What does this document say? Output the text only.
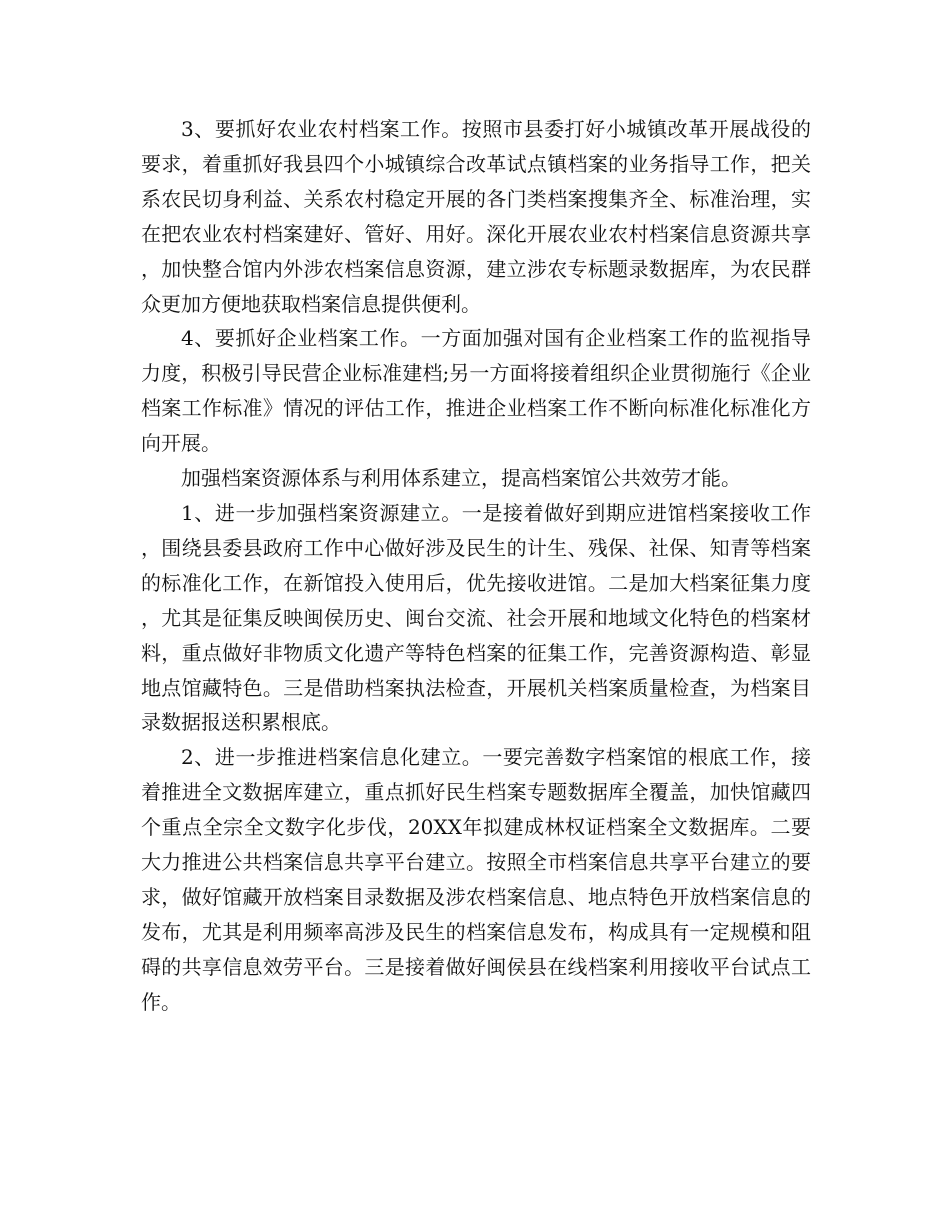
3、要抓好农业农村档案工作。按照市县委打好小城镇改革开展战役的要求，着重抓好我县四个小城镇综合改革试点镇档案的业务指导工作，把关系农民切身利益、关系农村稳定开展的各门类档案搜集齐全、标准治理，实在把农业农村档案建好、管好、用好。深化开展农业农村档案信息资源共享，加快整合馆内外涉农档案信息资源，建立涉农专标题录数据库，为农民群众更加方便地获取档案信息提供便利。

4、要抓好企业档案工作。一方面加强对国有企业档案工作的监视指导力度，积极引导民营企业标准建档;另一方面将接着组织企业贯彻施行《企业档案工作标准》情况的评估工作，推进企业档案工作不断向标准化标准化方向开展。

加强档案资源体系与利用体系建立，提高档案馆公共效劳才能。

1、进一步加强档案资源建立。一是接着做好到期应进馆档案接收工作，围绕县委县政府工作中心做好涉及民生的计生、残保、社保、知青等档案的标准化工作，在新馆投入使用后，优先接收进馆。二是加大档案征集力度，尤其是征集反映闽侯历史、闽台交流、社会开展和地域文化特色的档案材料，重点做好非物质文化遗产等特色档案的征集工作，完善资源构造、彰显地点馆藏特色。三是借助档案执法检查，开展机关档案质量检查，为档案目录数据报送积累根底。

2、进一步推进档案信息化建立。一要完善数字档案馆的根底工作，接着推进全文数据库建立，重点抓好民生档案专题数据库全覆盖，加快馆藏四个重点全宗全文数字化步伐，20XX年拟建成林权证档案全文数据库。二要大力推进公共档案信息共享平台建立。按照全市档案信息共享平台建立的要求，做好馆藏开放档案目录数据及涉农档案信息、地点特色开放档案信息的发布，尤其是利用频率高涉及民生的档案信息发布，构成具有一定规模和阻碍的共享信息效劳平台。三是接着做好闽侯县在线档案利用接收平台试点工作。
